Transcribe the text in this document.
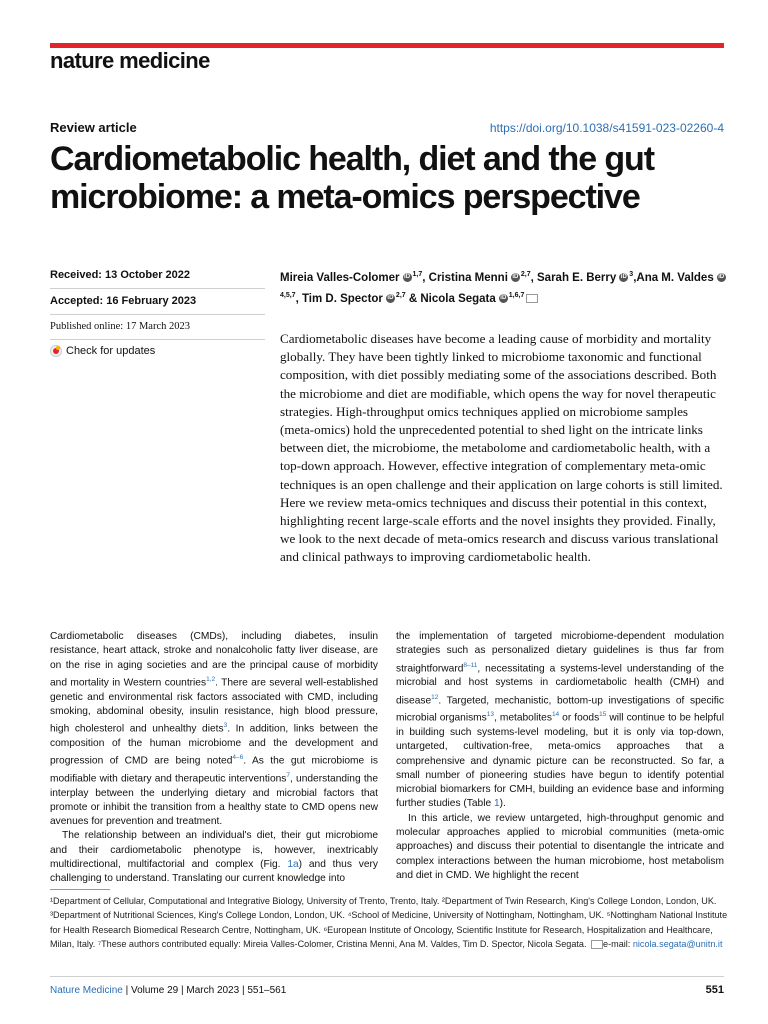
nature medicine
Review article	https://doi.org/10.1038/s41591-023-02260-4
Cardiometabolic health, diet and the gut microbiome: a meta-omics perspective
Received: 13 October 2022
Accepted: 16 February 2023
Published online: 17 March 2023
Check for updates
Mireia Valles-Colomer iD $^{1,7}$, Cristina Menni iD $^{2,7}$, Sarah E. Berry iD $^3$,Ana M. Valdes iD$^{4,5,7}$, Tim D. Spector iD $^{2,7}$ & Nicola Segata iD $^{1,6,7}$

Cardiometabolic diseases have become a leading cause of morbidity and mortality globally. They have been tightly linked to microbiome taxonomic and functional composition, with diet possibly mediating some of the associations described. Both the microbiome and diet are modifiable, which opens the way for novel therapeutic strategies. High-throughput omics techniques applied on microbiome samples (meta-omics) hold the unprecedented potential to shed light on the intricate links between diet, the microbiome, the metabolome and cardiometabolic health, with a top-down approach. However, effective integration of complementary meta-omic techniques is an open challenge and their application on large cohorts is still limited. Here we review meta-omics techniques and discuss their potential in this context, highlighting recent large-scale efforts and the novel insights they provided. Finally, we look to the next decade of meta-omics research and discuss various translational and clinical pathways to improving cardiometabolic health.

Cardiometabolic diseases (CMDs), including diabetes, insulin resistance, heart attack, stroke and nonalcoholic fatty liver disease, are on the rise in aging societies and are the principal cause of morbidity and mortality in Western countries$^{1,2}$. There are several well-established genetic and environmental risk factors associated with CMD, including smoking, abdominal obesity, insulin resistance, high blood pressure, high cholesterol and unhealthy diets$^3$. In addition, links between the composition of the human microbiome and the development and progression of CMD are being noted$^{4-6}$. As the gut microbiome is modifiable with dietary and therapeutic interventions$^7$, understanding the interplay between the underlying dietary and microbial factors that promote or inhibit the transition from a healthy state to CMD opens new avenues for prevention and treatment.

The relationship between an individual's diet, their gut microbiome and their cardiometabolic phenotype is, however, inextricably multidirectional, multifactorial and complex (Fig. 1a) and thus very challenging to understand. Translating our current knowledge into

the implementation of targeted microbiome-dependent modulation strategies such as personalized dietary guidelines is thus far from straightforward$^{8-11}$, necessitating a systems-level understanding of the microbial and host systems in cardiometabolic health (CMH) and disease$^{12}$. Targeted, mechanistic, bottom-up investigations of specific microbial organisms$^{13}$, metabolites$^{14}$ or foods$^{15}$ will continue to be helpful in building such systems-level modeling, but it is only via top-down, untargeted, cultivation-free, meta-omics approaches that a comprehensive and dynamic picture can be reconstructed. So far, a small number of pioneering studies have begun to identify potential microbial biomarkers for CMH, building an evidence base and informing further studies (Table 1).

In this article, we review untargeted, high-throughput genomic and molecular approaches applied to microbial communities (meta-omic approaches) and discuss their potential to disentangle the intricate and complex interactions between the human microbiome, host metabolism and diet in CMD. We highlight the recent

¹Department of Cellular, Computational and Integrative Biology, University of Trento, Trento, Italy. ²Department of Twin Research, King's College London, London, UK. ³Department of Nutritional Sciences, King's College London, London, UK. ⁴School of Medicine, University of Nottingham, Nottingham, UK. ⁵Nottingham National Institute for Health Research Biomedical Research Centre, Nottingham, UK. ⁶European Institute of Oncology, Scientific Institute for Research, Hospitalization and Healthcare, Milan, Italy. ⁷These authors contributed equally: Mireia Valles-Colomer, Cristina Menni, Ana M. Valdes, Tim D. Spector, Nicola Segata. e-mail: nicola.segata@unitn.it

Nature Medicine | Volume 29 | March 2023 | 551–561	551
